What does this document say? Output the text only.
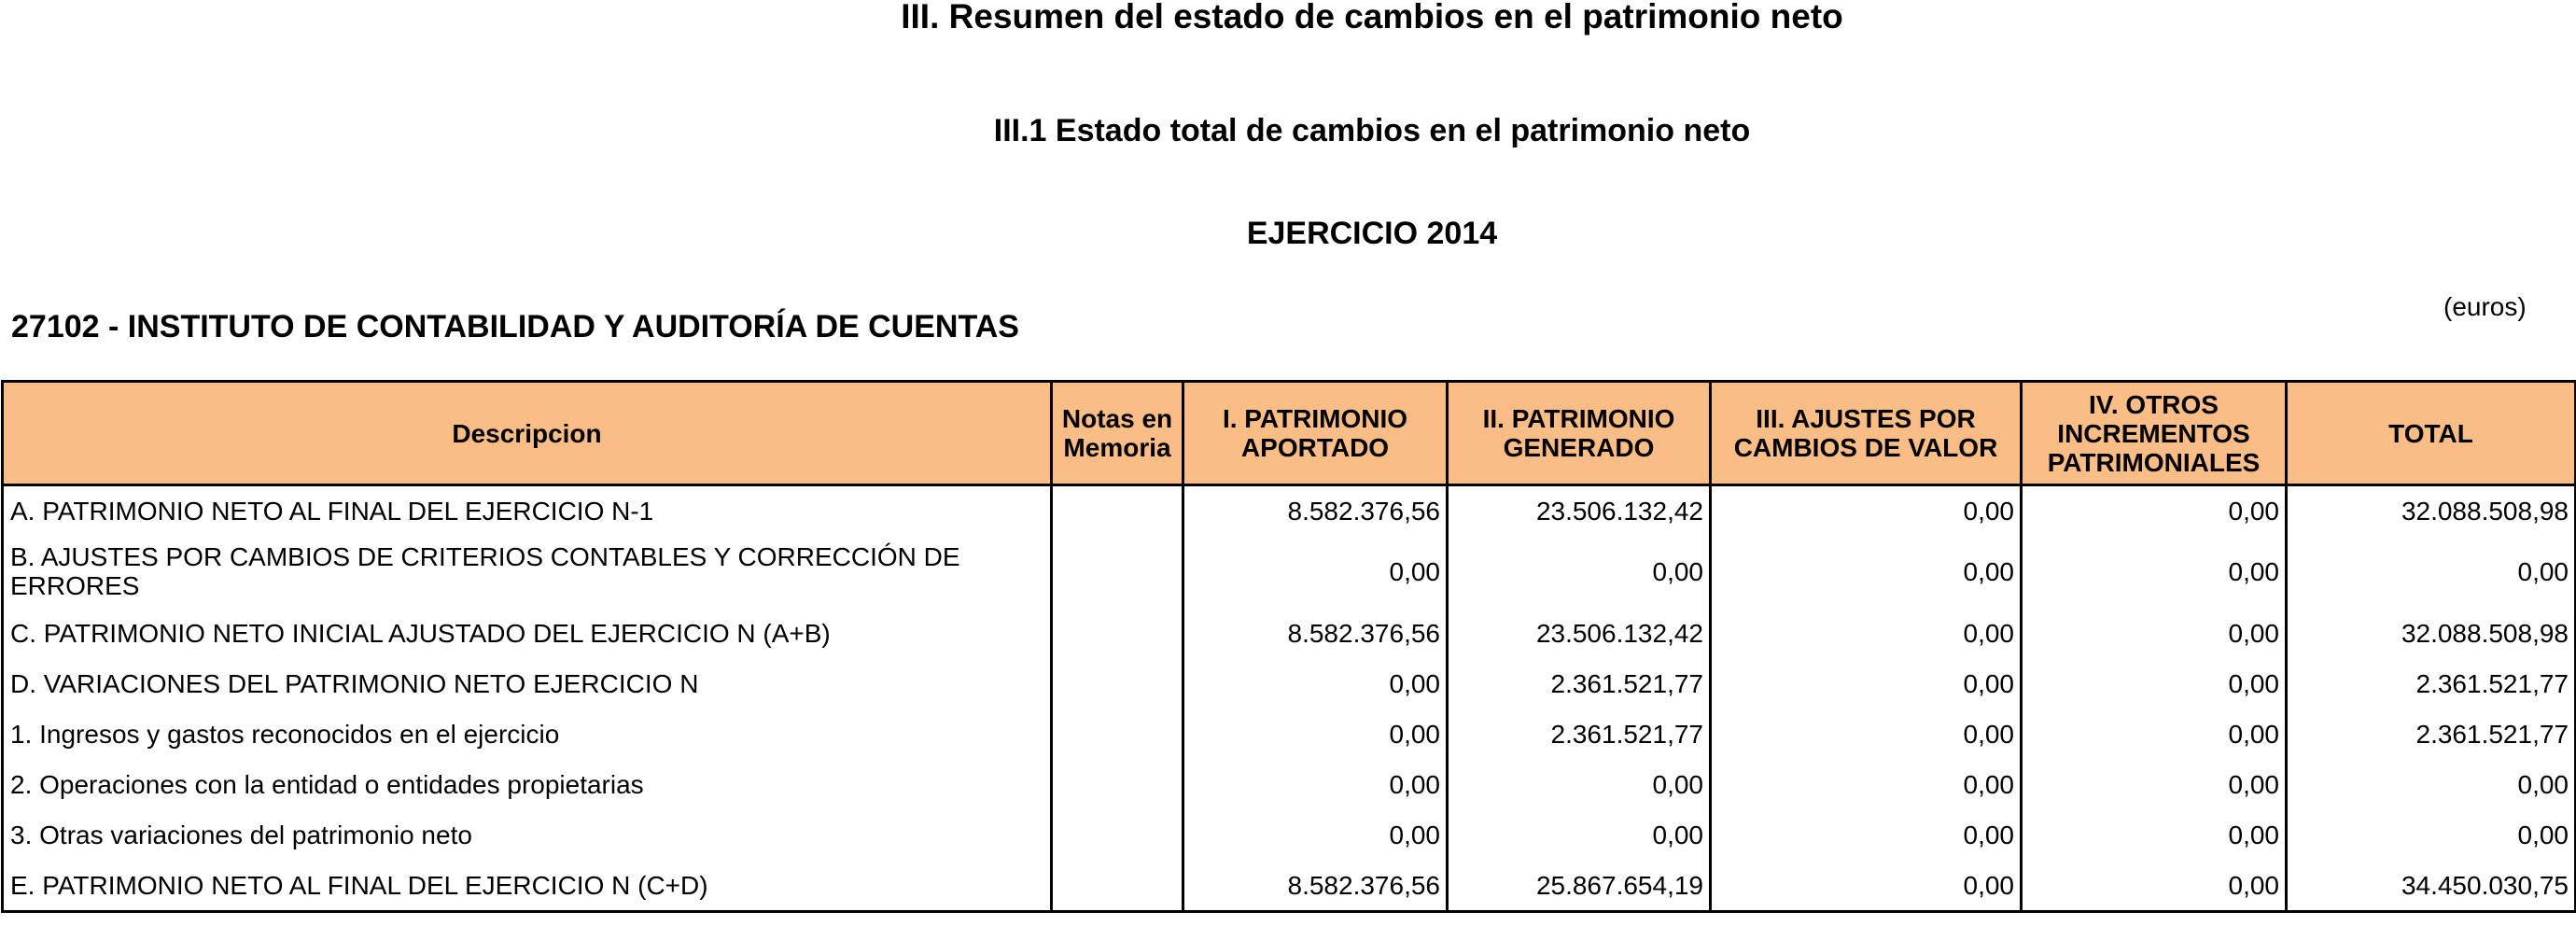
III. Resumen del estado de cambios en el patrimonio neto
III.1 Estado total de cambios en el patrimonio neto
EJERCICIO 2014
27102 - INSTITUTO DE CONTABILIDAD Y AUDITORÍA DE CUENTAS
(euros)
Descripcion	Notas en Memoria	I. PATRIMONIO APORTADO	II. PATRIMONIO GENERADO	III. AJUSTES POR CAMBIOS DE VALOR	IV. OTROS INCREMENTOS PATRIMONIALES	TOTAL
A. PATRIMONIO NETO AL FINAL DEL EJERCICIO N-1		8.582.376,56	23.506.132,42	0,00	0,00	32.088.508,98
B. AJUSTES POR CAMBIOS DE CRITERIOS CONTABLES Y CORRECCIÓN DE ERRORES		0,00	0,00	0,00	0,00	0,00
C. PATRIMONIO NETO INICIAL AJUSTADO DEL EJERCICIO N (A+B)		8.582.376,56	23.506.132,42	0,00	0,00	32.088.508,98
D. VARIACIONES DEL PATRIMONIO NETO EJERCICIO N		0,00	2.361.521,77	0,00	0,00	2.361.521,77
1. Ingresos y gastos reconocidos en el ejercicio		0,00	2.361.521,77	0,00	0,00	2.361.521,77
2. Operaciones con la entidad o entidades propietarias		0,00	0,00	0,00	0,00	0,00
3. Otras variaciones del patrimonio neto		0,00	0,00	0,00	0,00	0,00
E. PATRIMONIO NETO AL FINAL DEL EJERCICIO N (C+D)		8.582.376,56	25.867.654,19	0,00	0,00	34.450.030,75
